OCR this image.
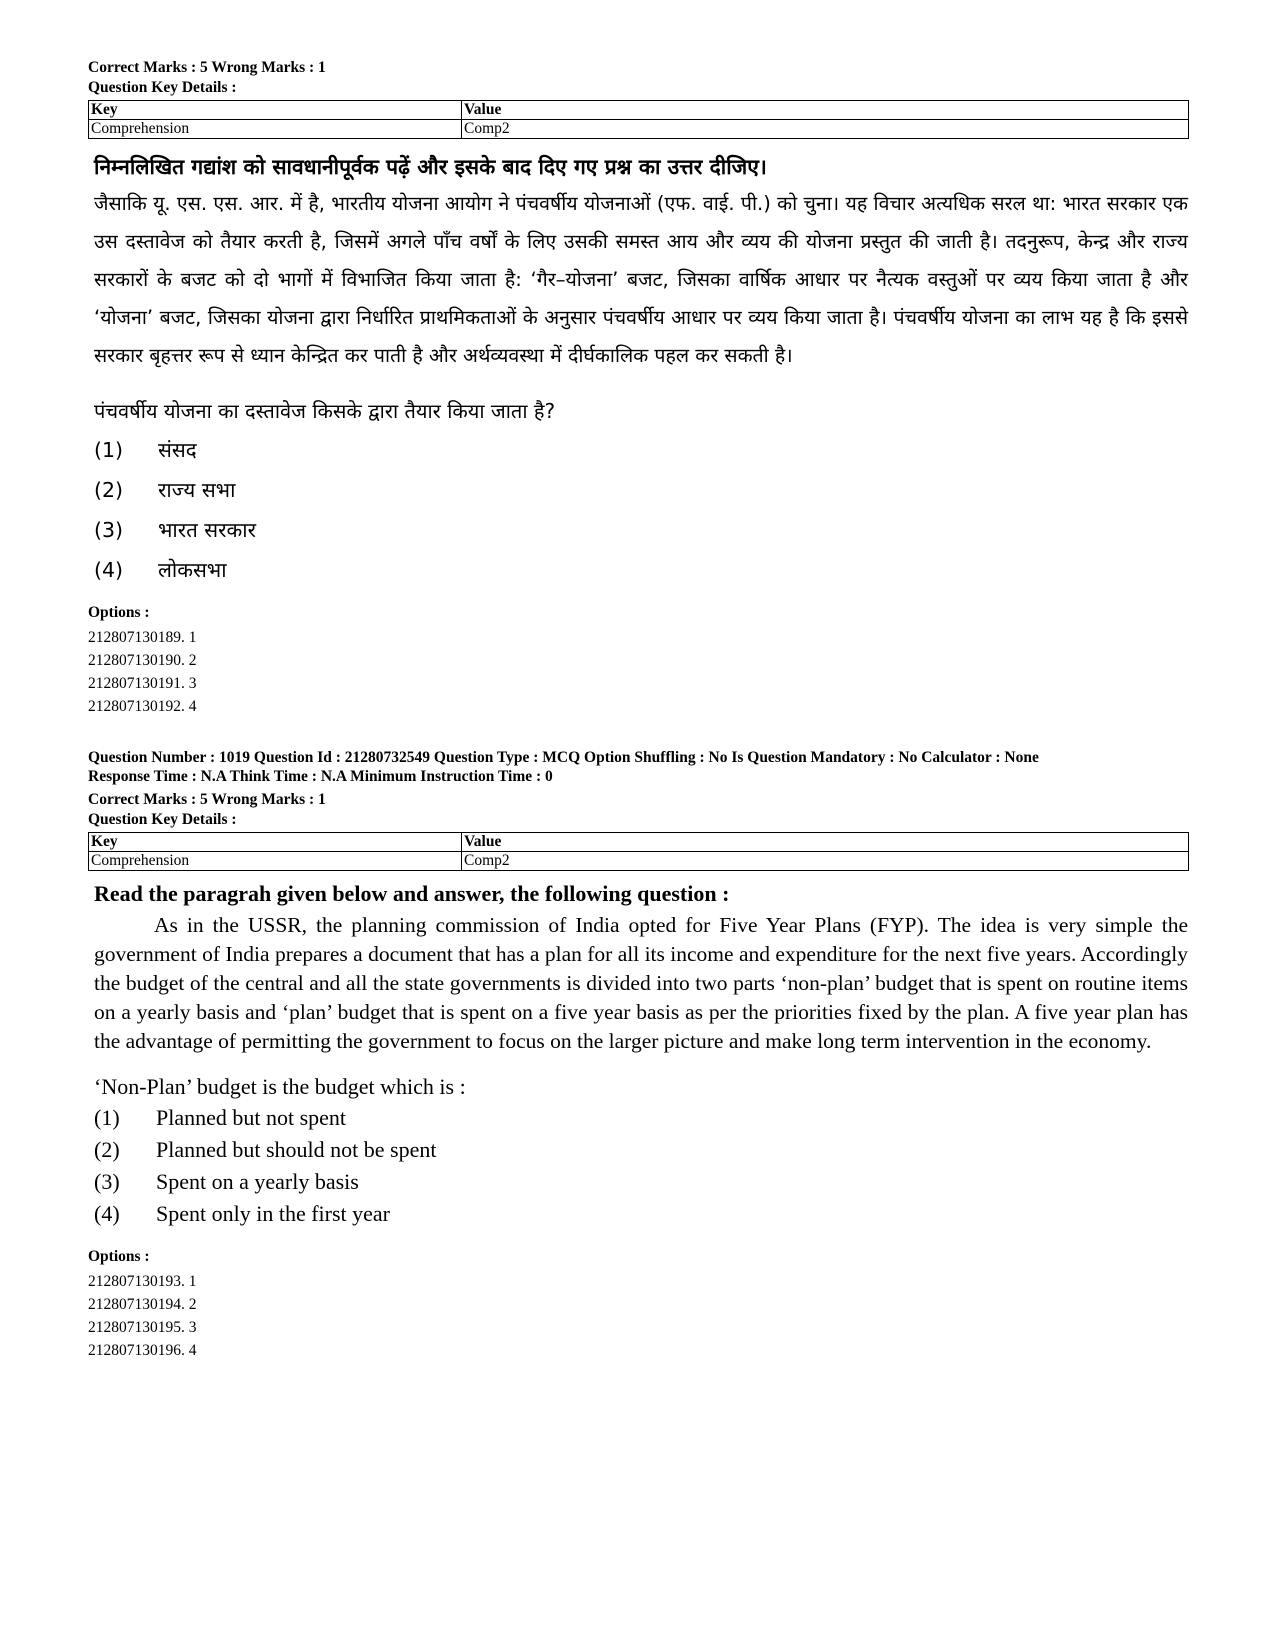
Correct Marks : 5 Wrong Marks : 1

Question Key Details :

Key	Value
Comprehension	Comp2

निम्नलिखित गद्यांश को सावधानीपूर्वक पढ़ें और इसके बाद दिए गए प्रश्न का उत्तर दीजिए।

जैसाकि यू. एस. एस. आर. में है, भारतीय योजना आयोग ने पंचवर्षीय योजनाओं (एफ. वाई. पी.) को चुना। यह विचार अत्यधिक सरल था: भारत सरकार एक उस दस्तावेज को तैयार करती है, जिसमें अगले पाँच वर्षों के लिए उसकी समस्त आय और व्यय की योजना प्रस्तुत की जाती है। तदनुरूप, केन्द्र और राज्य सरकारों के बजट को दो भागों में विभाजित किया जाता है: ‘गैर–योजना’ बजट, जिसका वार्षिक आधार पर नैत्यक वस्तुओं पर व्यय किया जाता है और ‘योजना’ बजट, जिसका योजना द्वारा निर्धारित प्राथमिकताओं के अनुसार पंचवर्षीय आधार पर व्यय किया जाता है। पंचवर्षीय योजना का लाभ यह है कि इससे सरकार बृहत्तर रूप से ध्यान केन्द्रित कर पाती है और अर्थव्यवस्था में दीर्घकालिक पहल कर सकती है।

पंचवर्षीय योजना का दस्तावेज किसके द्वारा तैयार किया जाता है?

(1)	संसद
(2)	राज्य सभा
(3)	भारत सरकार
(4)	लोकसभा

Options :

212807130189. 1
212807130190. 2
212807130191. 3
212807130192. 4

Question Number : 1019 Question Id : 21280732549 Question Type : MCQ Option Shuffling : No Is Question Mandatory : No Calculator : None

Response Time : N.A Think Time : N.A Minimum Instruction Time : 0

Correct Marks : 5 Wrong Marks : 1

Question Key Details :

Key	Value
Comprehension	Comp2

Read the paragrah given below and answer, the following question :

As in the USSR, the planning commission of India opted for Five Year Plans (FYP). The idea is very simple the government of India prepares a document that has a plan for all its income and expenditure for the next five years. Accordingly the budget of the central and all the state governments is divided into two parts ‘non-plan’ budget that is spent on routine items on a yearly basis and ‘plan’ budget that is spent on a five year basis as per the priorities fixed by the plan. A five year plan has the advantage of permitting the government to focus on the larger picture and make long term intervention in the economy.

‘Non-Plan’ budget is the budget which is :

(1)	Planned but not spent
(2)	Planned but should not be spent
(3)	Spent on a yearly basis
(4)	Spent only in the first year

Options :

212807130193. 1
212807130194. 2
212807130195. 3
212807130196. 4
